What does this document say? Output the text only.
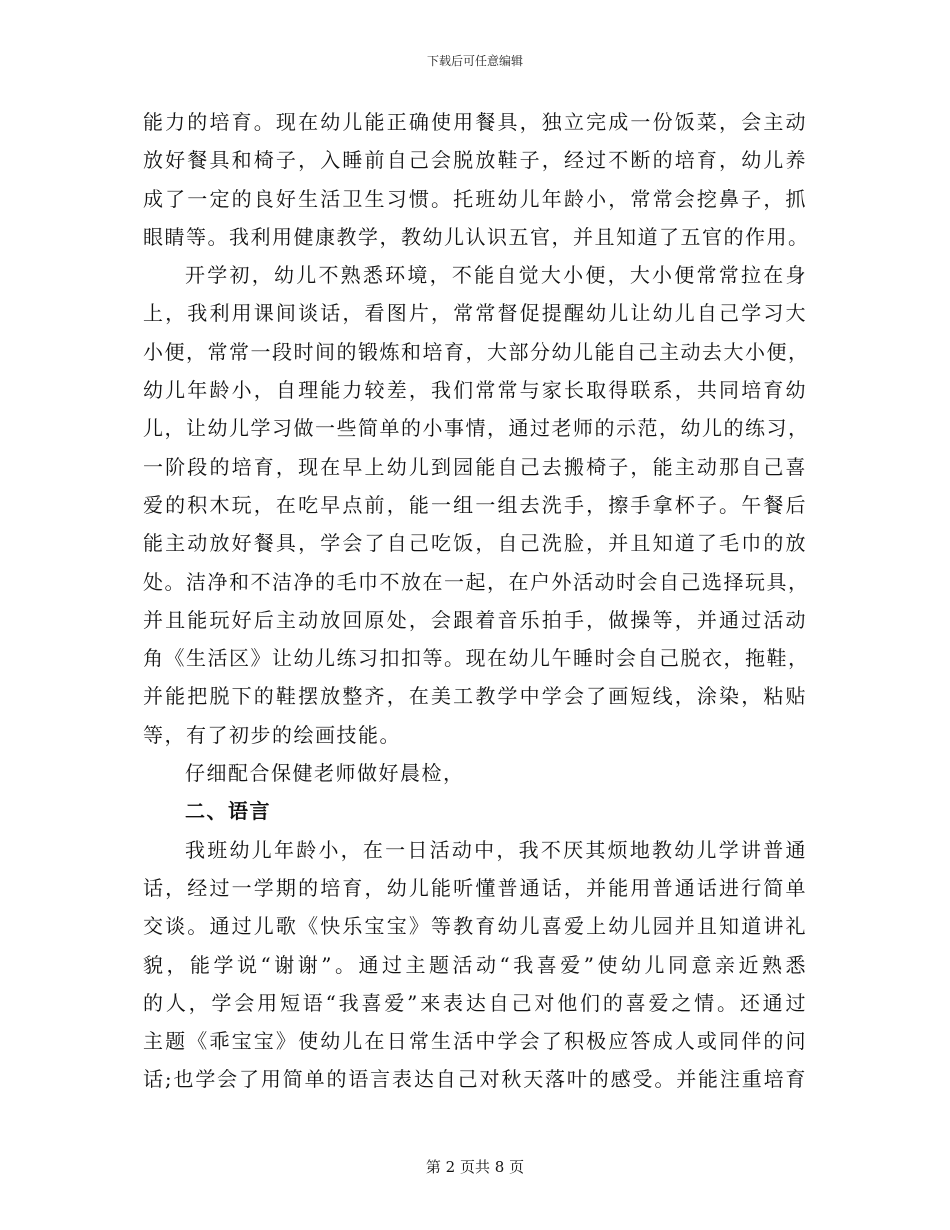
下载后可任意编辑
能力的培育。现在幼儿能正确使用餐具，独立完成一份饭菜，会主动
放好餐具和椅子，入睡前自己会脱放鞋子，经过不断的培育，幼儿养
成了一定的良好生活卫生习惯。托班幼儿年龄小，常常会挖鼻子，抓
眼睛等。我利用健康教学，教幼儿认识五官，并且知道了五官的作用。
开学初，幼儿不熟悉环境，不能自觉大小便，大小便常常拉在身
上，我利用课间谈话，看图片，常常督促提醒幼儿让幼儿自己学习大
小便，常常一段时间的锻炼和培育，大部分幼儿能自己主动去大小便，
幼儿年龄小，自理能力较差，我们常常与家长取得联系，共同培育幼
儿，让幼儿学习做一些简单的小事情，通过老师的示范，幼儿的练习，
一阶段的培育，现在早上幼儿到园能自己去搬椅子，能主动那自己喜
爱的积木玩，在吃早点前，能一组一组去洗手，擦手拿杯子。午餐后
能主动放好餐具，学会了自己吃饭，自己洗脸，并且知道了毛巾的放
处。洁净和不洁净的毛巾不放在一起，在户外活动时会自己选择玩具，
并且能玩好后主动放回原处，会跟着音乐拍手，做操等，并通过活动
角《生活区》让幼儿练习扣扣等。现在幼儿午睡时会自己脱衣，拖鞋，
并能把脱下的鞋摆放整齐，在美工教学中学会了画短线，涂染，粘贴
等，有了初步的绘画技能。
仔细配合保健老师做好晨检，
二、语言
我班幼儿年龄小，在一日活动中，我不厌其烦地教幼儿学讲普通
话，经过一学期的培育，幼儿能听懂普通话，并能用普通话进行简单
交谈。通过儿歌《快乐宝宝》等教育幼儿喜爱上幼儿园并且知道讲礼
貌，能学说“谢谢”。通过主题活动“我喜爱”使幼儿同意亲近熟悉
的人，学会用短语“我喜爱”来表达自己对他们的喜爱之情。还通过
主题《乖宝宝》使幼儿在日常生活中学会了积极应答成人或同伴的问
话;也学会了用简单的语言表达自己对秋天落叶的感受。并能注重培育
第 2 页共 8 页
